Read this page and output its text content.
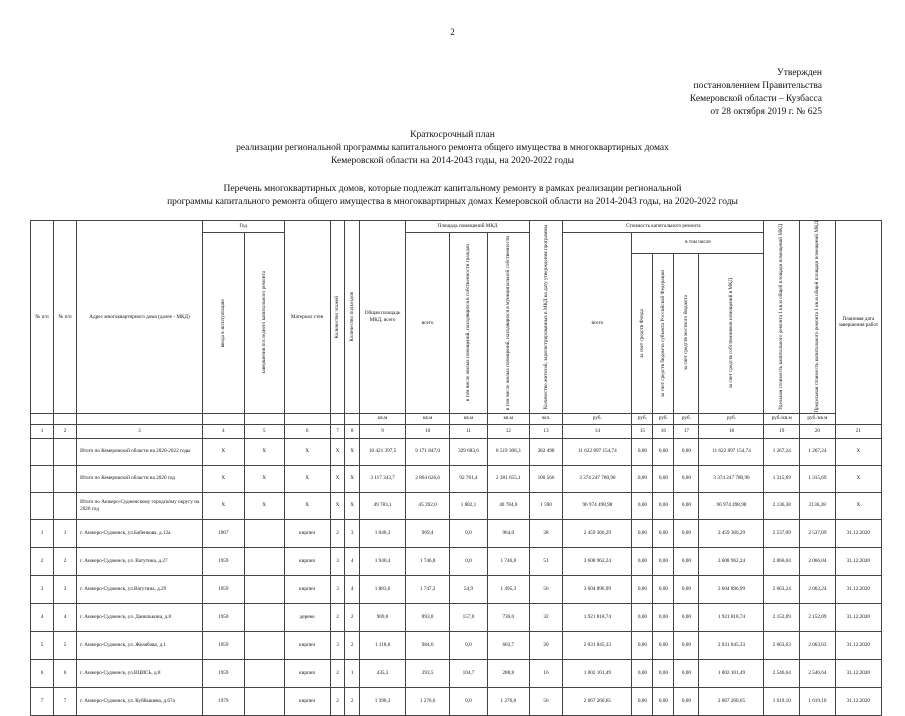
2
Утвержден
постановлением Правительства
Кемеровской области – Кузбасса
от 28 октября 2019 г. № 625
Краткосрочный план
реализации региональной программы капитального ремонта общего имущества в многоквартирных домах
Кемеровской области на 2014-2043 годы, на 2020-2022 годы
Перечень многоквартирных домов, которые подлежат капитальному ремонту в рамках реализации региональной
программы капитального ремонта общего имущества в многоквартирных домах Кемеровской области на 2014-2043 годы, на 2020-2022 годы
№ п/п	№ п/п	Адрес многоквартирного дома (далее - МКД)	Год		Материал стен	Количество этажей	Количество подъездов	Общая площадь МКД, всего	Площадь помещений МКД			Количество жителей, зарегистрированных в МКД на дату утверждения программы	Стоимость капитального ремонта					Удельная стоимость капитального ремонта 1 кв.м общей площади помещений МКД	Предельная стоимость капитального ремонта 1 кв.м общей площади помещений МКД	Плановая дата завершения работ

			ввода в эксплуатацию	завершения последнего капитального ремонта					всего	в том числе жилых помещений, находящихся в собственности граждан	в том числе жилых помещений, находящихся в муниципальной собственности		всего	в том числе						

														за счет средств Фонда	за счет средств бюджета субъекта Российской Федерации	за счет средств местного бюджета	за счет средств собственников помещений в МКД			

								кв.м	кв.м	кв.м	кв.м	чел.	руб.	руб.	руб.	руб.	руб.	руб./кв.м	руб./кв.м	
1	2	3	4	5	6	7	8	9	10	11	12	13	14	15	16	17	18	19	20	21
		Итого по Кемеровской области на 2020-2022 годы	X	X	X	X	X	10 421 397,5	9 171 847,0	329 683,6	8 519 308,3	382 498	11 622 897 154,74	0,00	0,00	0,00	11 622 897 154,74	1 267,24	1 267,24	X
		Итого по Кемеровской области на 2020 год	X	X	X	X	X	3 117 343,7	2 864 626,6	92 761,4	2 381 655,1	100 566	3 374 247 780,90	0,00	0,00	0,00	3 374 247 780,90	1 315,69	1 315,69	X
		Итого по Анжеро-Судженскому городскому округу на 2020 год	X	X	X	X	X	49 783,1	45 392,0	1 882,1	40 784,0	1 590	96 974 498,98	0,00	0,00	0,00	96 974 498,98	2 136,38	2136,38	X
1	1	г. Анжеро-Судженск, ул.Бабенкова, д.12а	1967		кирпич	2	3	1 048,3	969,4	0,0	964,0	38	2 459 366,29	0,00	0,00	0,00	2 459 366,29	2 537,09	2 537,09	31.12.2020
2	2	г. Анжеро-Судженск, ул. Ватутина, д.27	1959		кирпич	3	4	1 940,4	1 746,8	0,0	1 746,8	51	3 608 962,24	0,00	0,00	0,00	3 608 962,24	2 066,04	2 066,04	31.12.2020
3	3	г. Анжеро-Судженск, ул.Ватутина, д.29	1959		кирпич	3	4	1 883,6	1 747,2	54,9	1 495,3	56	3 604 896,99	0,00	0,00	0,00	3 604 896,99	2 063,24	2 063,24	31.12.2020
4	4	г. Анжеро-Судженск, ул. Данилькина, д.8	1950		дерево	2	2	969,0	893,0	157,0	736,0	32	1 921 818,74	0,00	0,00	0,00	1 921 818,74	2 152,09	2 152,09	31.12.2020
5	5	г. Анжеро-Судженск, ул. Желябова, д.1	1959		кирпич	3	2	1 118,6	984,6	0,0	603,7	20	2 031 845,33	0,00	0,00	0,00	2 031 845,33	2 063,63	2 063,63	31.12.2020
6	6	г. Анжеро-Судженск, ул.ВЦИСЬ, д.8	1959		кирпич	2	1	435,3	393,5	104,7	288,8	16	1 002 101,49	0,00	0,00	0,00	1 002 101,49	2 546,64	2 546,64	31.12.2020
7	7	г. Анжеро-Судженск, ул. Куйбышева, д.67а	1979		кирпич	2	2	1 398,3	1 276,6	0,0	1 276,8	56	2 067 260,65	0,00	0,00	0,00	2 067 260,65	1 619,10	1 619,10	31.12.2020
